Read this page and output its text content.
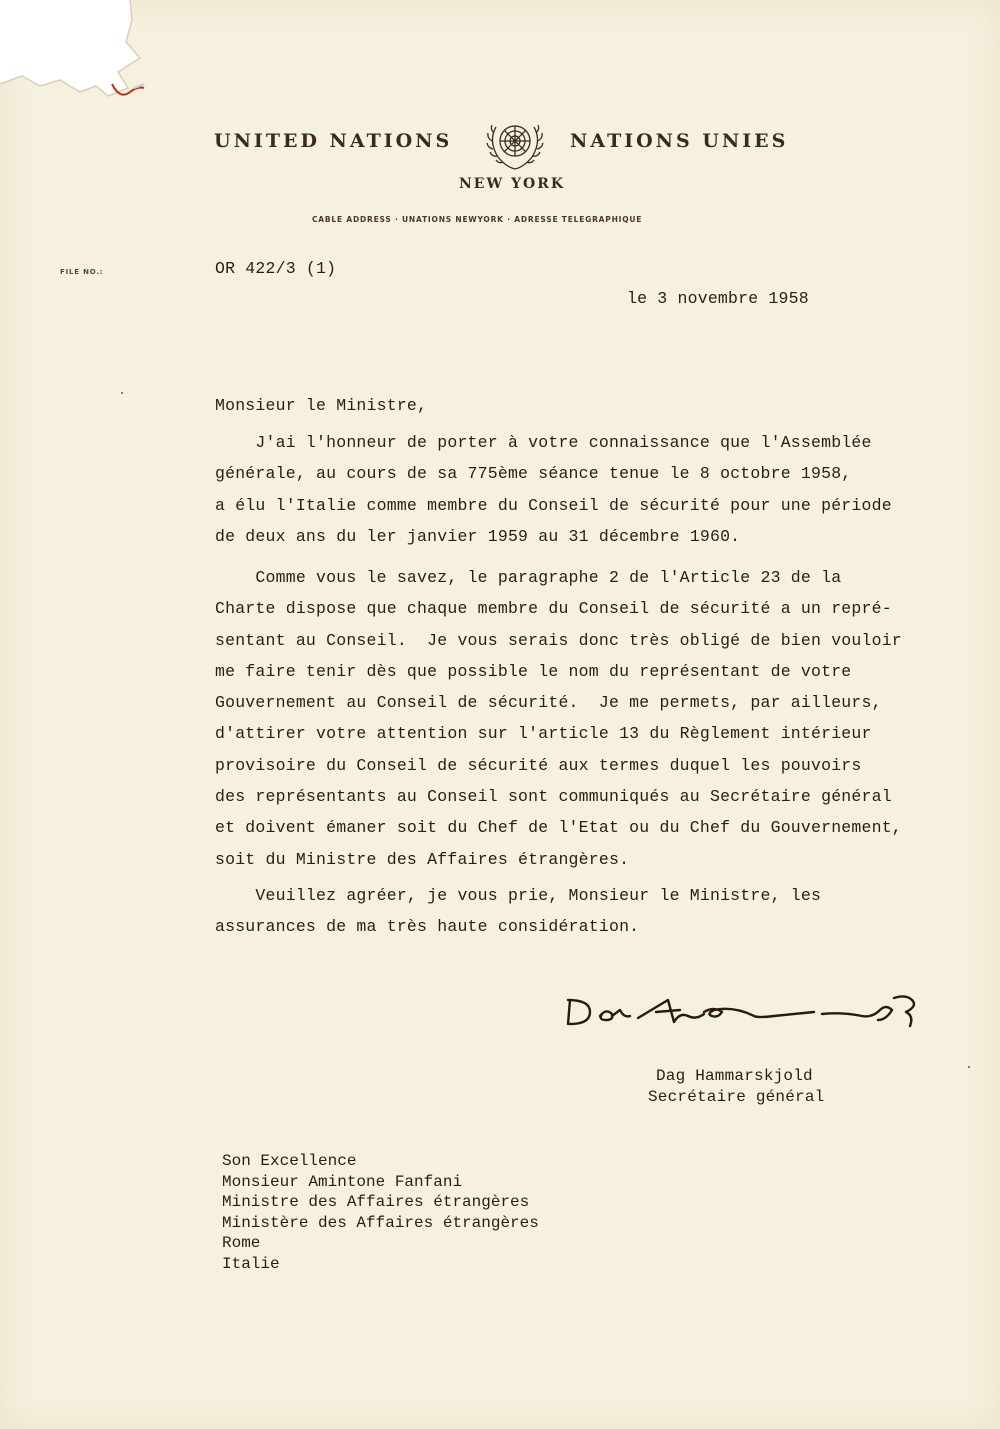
UNITED NATIONS	NATIONS UNIES
NEW YORK
CABLE ADDRESS · UNATIONS NEWYORK · ADRESSE TELEGRAPHIQUE
FILE NO.:	OR 422/3 (1)
le 3 novembre 1958
Monsieur le Ministre,
J'ai l'honneur de porter à votre connaissance que l'Assemblée
générale, au cours de sa 775ème séance tenue le 8 octobre 1958,
a élu l'Italie comme membre du Conseil de sécurité pour une période
de deux ans du ler janvier 1959 au 31 décembre 1960.
Comme vous le savez, le paragraphe 2 de l'Article 23 de la
Charte dispose que chaque membre du Conseil de sécurité a un repré-
sentant au Conseil.  Je vous serais donc très obligé de bien vouloir
me faire tenir dès que possible le nom du représentant de votre
Gouvernement au Conseil de sécurité.  Je me permets, par ailleurs,
d'attirer votre attention sur l'article 13 du Règlement intérieur
provisoire du Conseil de sécurité aux termes duquel les pouvoirs
des représentants au Conseil sont communiqués au Secrétaire général
et doivent émaner soit du Chef de l'Etat ou du Chef du Gouvernement,
soit du Ministre des Affaires étrangères.
Veuillez agréer, je vous prie, Monsieur le Ministre, les
assurances de ma très haute considération.
Dag Hammarskjold
Secrétaire général
Son Excellence
Monsieur Amintone Fanfani
Ministre des Affaires étrangères
Ministère des Affaires étrangères
Rome
Italie
